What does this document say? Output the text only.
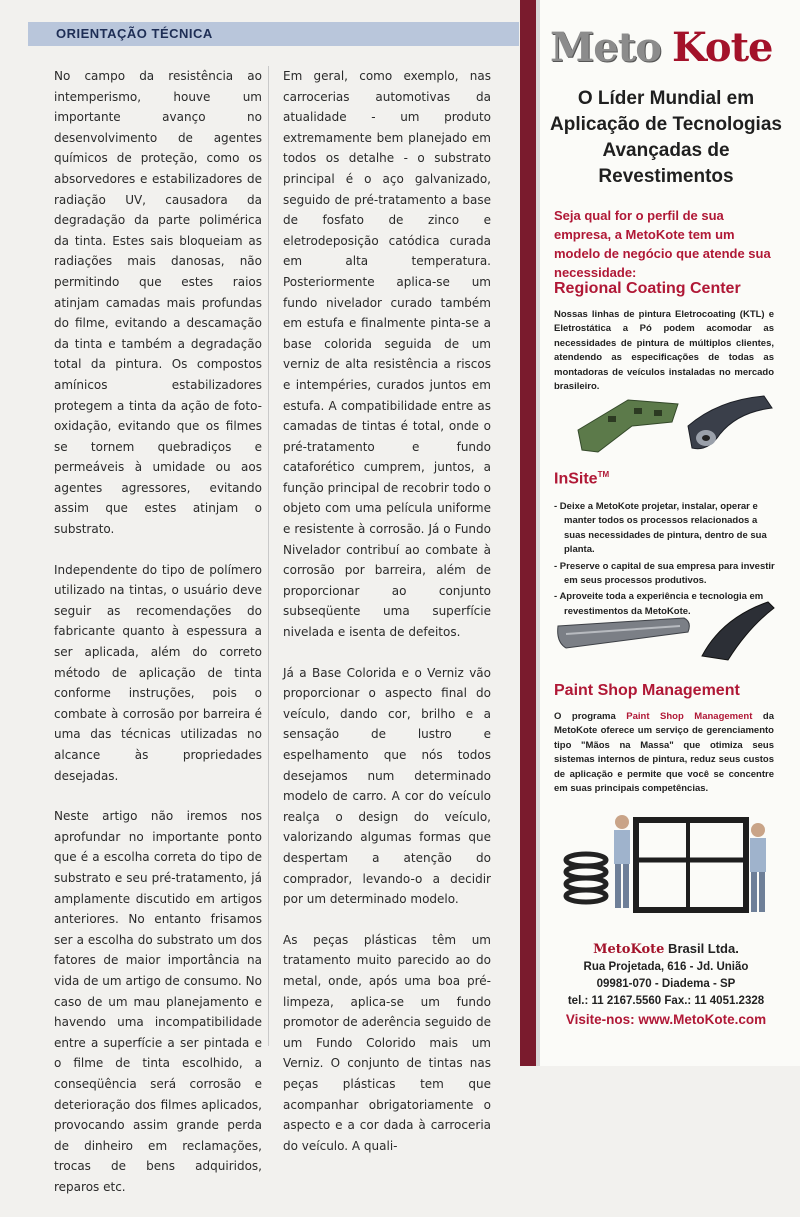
ORIENTAÇÃO TÉCNICA

No campo da resistência ao intemperismo, houve um importante avanço no desenvolvimento de agentes químicos de proteção, como os absorvedores e estabilizadores de radiação UV, causadora da degradação da parte polimérica da tinta. Estes sais bloqueiam as radiações mais danosas, não permitindo que estes raios atinjam camadas mais profundas do filme, evitando a descamação da tinta e também a degradação total da pintura. Os compostos amínicos estabilizadores protegem a tinta da ação de foto-oxidação, evitando que os filmes se tornem quebradiços e permeáveis à umidade ou aos agentes agressores, evitando assim que estes atinjam o substrato.

Independente do tipo de polímero utilizado na tintas, o usuário deve seguir as recomendações do fabricante quanto à espessura a ser aplicada, além do correto método de aplicação de tinta conforme instruções, pois o combate à corrosão por barreira é uma das técnicas utilizadas no alcance às propriedades desejadas.

Neste artigo não iremos nos aprofundar no importante ponto que é a escolha correta do tipo de substrato e seu pré-tratamento, já amplamente discutido em artigos anteriores. No entanto frisamos ser a escolha do substrato um dos fatores de maior importância na vida de um artigo de consumo. No caso de um mau planejamento e havendo uma incompatibilidade entre a superfície a ser pintada e o filme de tinta escolhido, a conseqüência será corrosão e deterioração dos filmes aplicados, provocando assim grande perda de dinheiro em reclamações, trocas de bens adquiridos, reparos etc.

Em geral, como exemplo, nas carrocerias automotivas da atualidade - um produto extremamente bem planejado em todos os detalhe - o substrato principal é o aço galvanizado, seguido de pré-tratamento a base de fosfato de zinco e eletrodeposição catódica curada em alta temperatura. Posteriormente aplica-se um fundo nivelador curado também em estufa e finalmente pinta-se a base colorida seguida de um verniz de alta resistência a riscos e intempéries, curados juntos em estufa. A compatibilidade entre as camadas de tintas é total, onde o pré-tratamento e fundo cataforético cumprem, juntos, a função principal de recobrir todo o objeto com uma película uniforme e resistente à corrosão. Já o Fundo Nivelador contribuí ao combate à corrosão por barreira, além de proporcionar ao conjunto subseqüente uma superfície nivelada e isenta de defeitos.

Já a Base Colorida e o Verniz vão proporcionar o aspecto final do veículo, dando cor, brilho e a sensação de lustro e espelhamento que nós todos desejamos num determinado modelo de carro. A cor do veículo realça o design do veículo, valorizando algumas formas que despertam a atenção do comprador, levando-o a decidir por um determinado modelo.

As peças plásticas têm um tratamento muito parecido ao do metal, onde, após uma boa pré-limpeza, aplica-se um fundo promotor de aderência seguido de um Fundo Colorido mais um Verniz. O conjunto de tintas nas peças plásticas tem que acompanhar obrigatoriamente o aspecto e a cor dada à carroceria do veículo. A quali-

Meto Kote
O Líder Mundial em Aplicação de Tecnologias Avançadas de Revestimentos
Seja qual for o perfil de sua empresa, a MetoKote tem um modelo de negócio que atende sua necessidade:
Regional Coating Center
Nossas linhas de pintura Eletrocoating (KTL) e Eletrostática a Pó podem acomodar as necessidades de pintura de múltiplos clientes, atendendo as especificações de todas as montadoras de veículos instaladas no mercado brasileiro.
InSite™
- Deixe a MetoKote projetar, instalar, operar e manter todos os processos relacionados a suas necessidades de pintura, dentro de sua planta.
- Preserve o capital de sua empresa para investir em seus processos produtivos.
- Aproveite toda a experiência e tecnologia em revestimentos da MetoKote.
Paint Shop Management
O programa Paint Shop Management da MetoKote oferece um serviço de gerenciamento tipo "Mãos na Massa" que otimiza seus sistemas internos de pintura, reduz seus custos de aplicação e permite que você se concentre em suas principais competências.
MetoKote Brasil Ltda.
Rua Projetada, 616 - Jd. União
09981-070 - Diadema - SP
tel.: 11 2167.5560 Fax.: 11 4051.2328
Visite-nos: www.MetoKote.com
